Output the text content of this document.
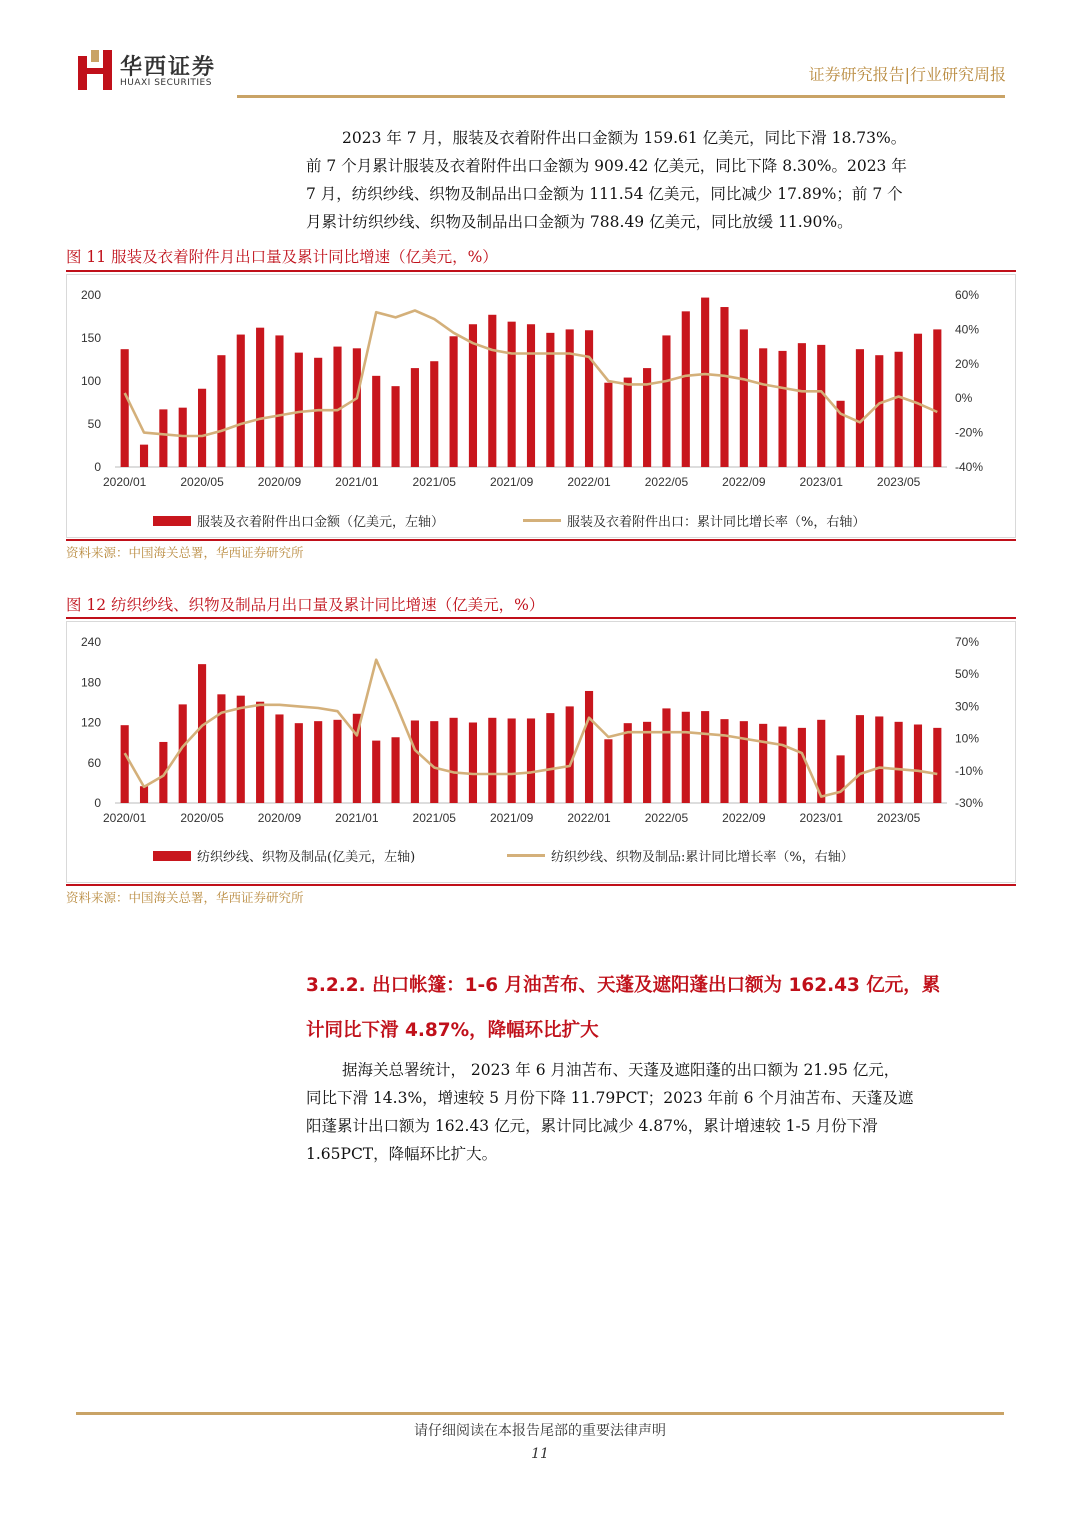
华西证券
HUAXI SECURITIES	证券研究报告|行业研究周报

2023 年 7 月，服装及衣着附件出口金额为 159.61 亿美元，同比下滑 18.73%。

前 7 个月累计服装及衣着附件出口金额为 909.42 亿美元，同比下降 8.30%。2023 年

7 月，纺织纱线、织物及制品出口金额为 111.54 亿美元，同比减少 17.89%；前 7 个

月累计纺织纱线、织物及制品出口金额为 788.49 亿美元，同比放缓 11.90%。

图 11 服装及衣着附件月出口量及累计同比增速（亿美元，%）
0
50
100
150
200
-40%
-20%
0%
20%
40%
60%
2020/01	2020/05	2020/09	2021/01	2021/05	2021/09	2022/01	2022/05	2022/09	2023/01	2023/05
服装及衣着附件出口金额（亿美元，左轴）	服装及衣着附件出口：累计同比增长率（%，右轴）
资料来源：中国海关总署，华西证券研究所
图 12 纺织纱线、织物及制品月出口量及累计同比增速（亿美元，%）
0
60
120
180
240
-30%
-10%
10%
30%
50%
70%
2020/01	2020/05	2020/09	2021/01	2021/05	2021/09	2022/01	2022/05	2022/09	2023/01	2023/05
纺织纱线、织物及制品(亿美元，左轴)	纺织纱线、织物及制品:累计同比增长率（%，右轴）
资料来源：中国海关总署，华西证券研究所
3.2.2. 出口帐篷：1-6 月油苫布、天蓬及遮阳蓬出口额为 162.43 亿元，累
计同比下滑 4.87%，降幅环比扩大

据海关总署统计， 2023 年 6 月油苫布、天蓬及遮阳蓬的出口额为 21.95 亿元，

同比下滑 14.3%，增速较 5 月份下降 11.79PCT；2023 年前 6 个月油苫布、天蓬及遮

阳蓬累计出口额为 162.43 亿元，累计同比减少 4.87%，累计增速较 1-5 月份下滑

1.65PCT，降幅环比扩大。

请仔细阅读在本报告尾部的重要法律声明
11
